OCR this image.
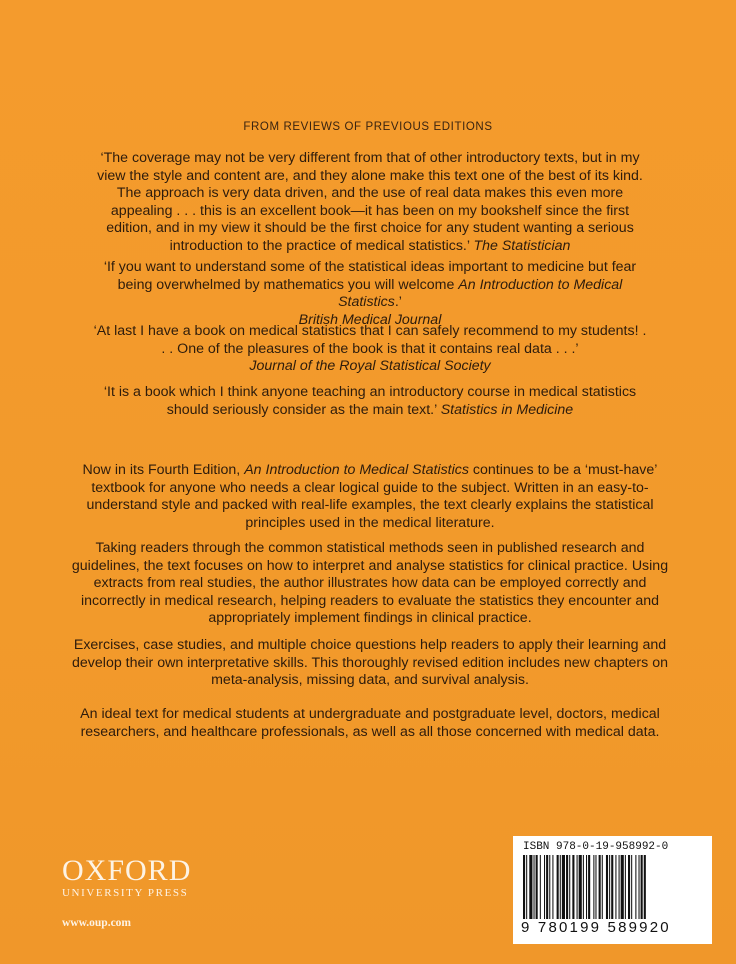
FROM REVIEWS OF PREVIOUS EDITIONS
‘The coverage may not be very different from that of other introductory texts, but in my view the style and content are, and they alone make this text one of the best of its kind. The approach is very data driven, and the use of real data makes this even more appealing . . . this is an excellent book—it has been on my bookshelf since the first edition, and in my view it should be the first choice for any student wanting a serious introduction to the practice of medical statistics.’ The Statistician
‘If you want to understand some of the statistical ideas important to medicine but fear being overwhelmed by mathematics you will welcome An Introduction to Medical Statistics.’
British Medical Journal
‘At last I have a book on medical statistics that I can safely recommend to my students! . . . One of the pleasures of the book is that it contains real data . . .’
Journal of the Royal Statistical Society
‘It is a book which I think anyone teaching an introductory course in medical statistics should seriously consider as the main text.’ Statistics in Medicine
Now in its Fourth Edition, An Introduction to Medical Statistics continues to be a ‘must-have’ textbook for anyone who needs a clear logical guide to the subject. Written in an easy-to-understand style and packed with real-life examples, the text clearly explains the statistical principles used in the medical literature.
Taking readers through the common statistical methods seen in published research and guidelines, the text focuses on how to interpret and analyse statistics for clinical practice. Using extracts from real studies, the author illustrates how data can be employed correctly and incorrectly in medical research, helping readers to evaluate the statistics they encounter and appropriately implement findings in clinical practice.
Exercises, case studies, and multiple choice questions help readers to apply their learning and develop their own interpretative skills. This thoroughly revised edition includes new chapters on meta-analysis, missing data, and survival analysis.
An ideal text for medical students at undergraduate and postgraduate level, doctors, medical researchers, and healthcare professionals, as well as all those concerned with medical data.
OXFORD
UNIVERSITY PRESS
www.oup.com
ISBN 978-0-19-958992-0
9 780199 589920
